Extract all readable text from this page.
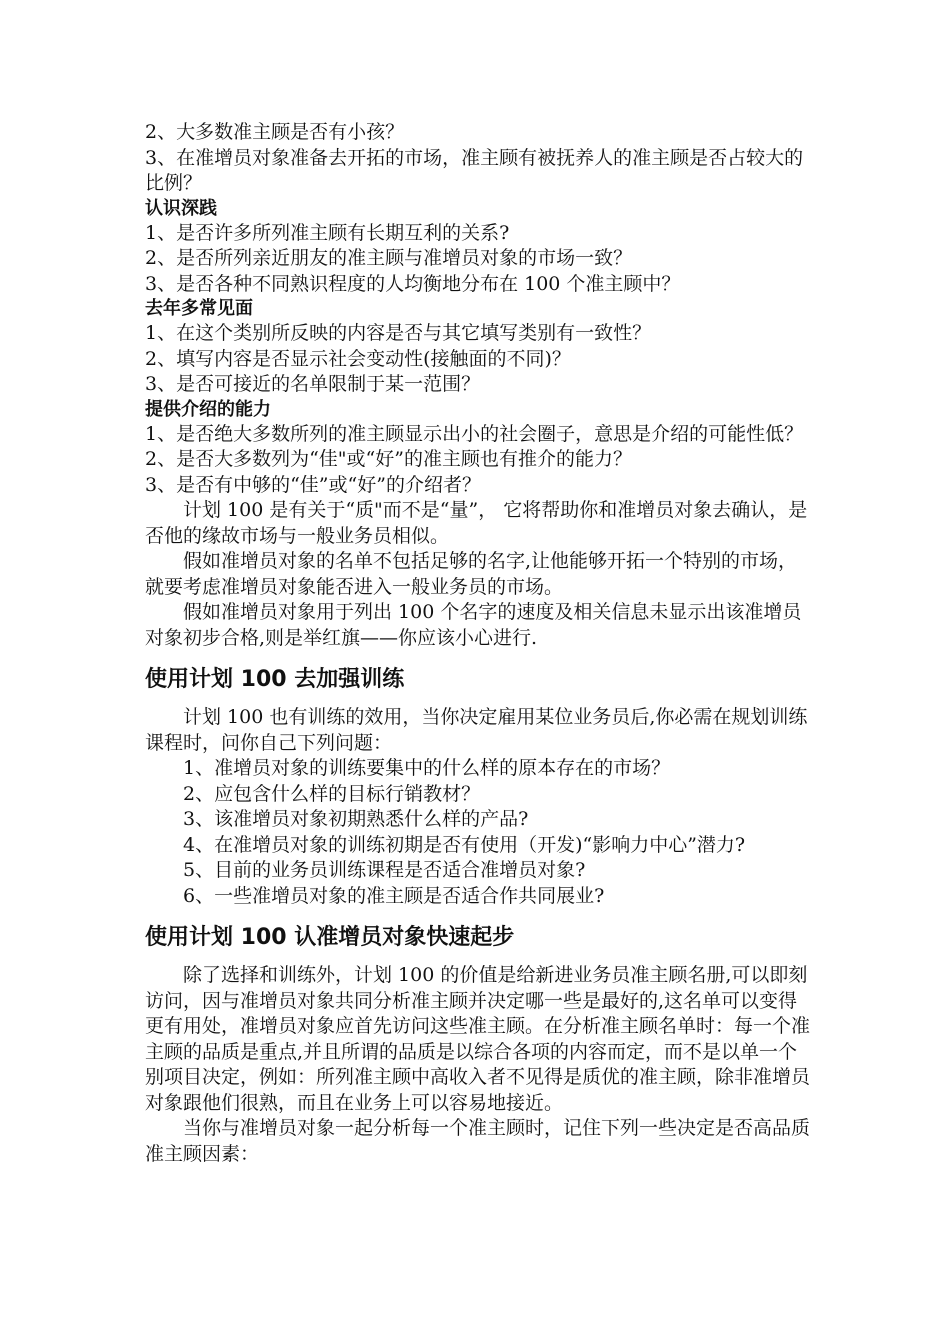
2、大多数准主顾是否有小孩？
3、在准增员对象准备去开拓的市场，准主顾有被抚养人的准主顾是否占较大的比例？
认识深践
1、是否许多所列准主顾有长期互利的关系?
2、是否所列亲近朋友的准主顾与准增员对象的市场一致？
3、是否各种不同熟识程度的人均衡地分布在 100 个准主顾中？
去年多常见面
1、在这个类别所反映的内容是否与其它填写类别有一致性？
2、填写内容是否显示社会变动性(接触面的不同)？
3、是否可接近的名单限制于某一范围？
提供介绍的能力
1、是否绝大多数所列的准主顾显示出小的社会圈子，意思是介绍的可能性低？
2、是否大多数列为“佳"或“好”的准主顾也有推介的能力？
3、是否有中够的“佳”或“好”的介绍者？
计划 100 是有关于“质"而不是“量”， 它将帮助你和准增员对象去确认，是否他的缘故市场与一般业务员相似。
假如准增员对象的名单不包括足够的名字,让他能够开拓一个特别的市场，就要考虑准增员对象能否进入一般业务员的市场。
假如准增员对象用于列出 100 个名字的速度及相关信息未显示出该准增员对象初步合格,则是举红旗——你应该小心进行.
使用计划 100 去加强训练
计划 100 也有训练的效用，当你决定雇用某位业务员后,你必需在规划训练课程时，问你自己下列问题：
1、准增员对象的训练要集中的什么样的原本存在的市场？
2、应包含什么样的目标行销教材？
3、该准增员对象初期熟悉什么样的产品?
4、在准增员对象的训练初期是否有使用（开发)“影响力中心”潜力?
5、目前的业务员训练课程是否适合准增员对象?
6、一些准增员对象的准主顾是否适合作共同展业?
使用计划 100 认准增员对象快速起步
除了选择和训练外，计划 100 的价值是给新进业务员准主顾名册,可以即刻访问，因与准增员对象共同分析准主顾并决定哪一些是最好的,这名单可以变得更有用处，准增员对象应首先访问这些准主顾。在分析准主顾名单时：每一个准主顾的品质是重点,并且所谓的品质是以综合各项的内容而定，而不是以单一个别项目决定，例如：所列准主顾中高收入者不见得是质优的准主顾，除非准增员对象跟他们很熟，而且在业务上可以容易地接近。
当你与准增员对象一起分析每一个准主顾时，记住下列一些决定是否高品质准主顾因素：
